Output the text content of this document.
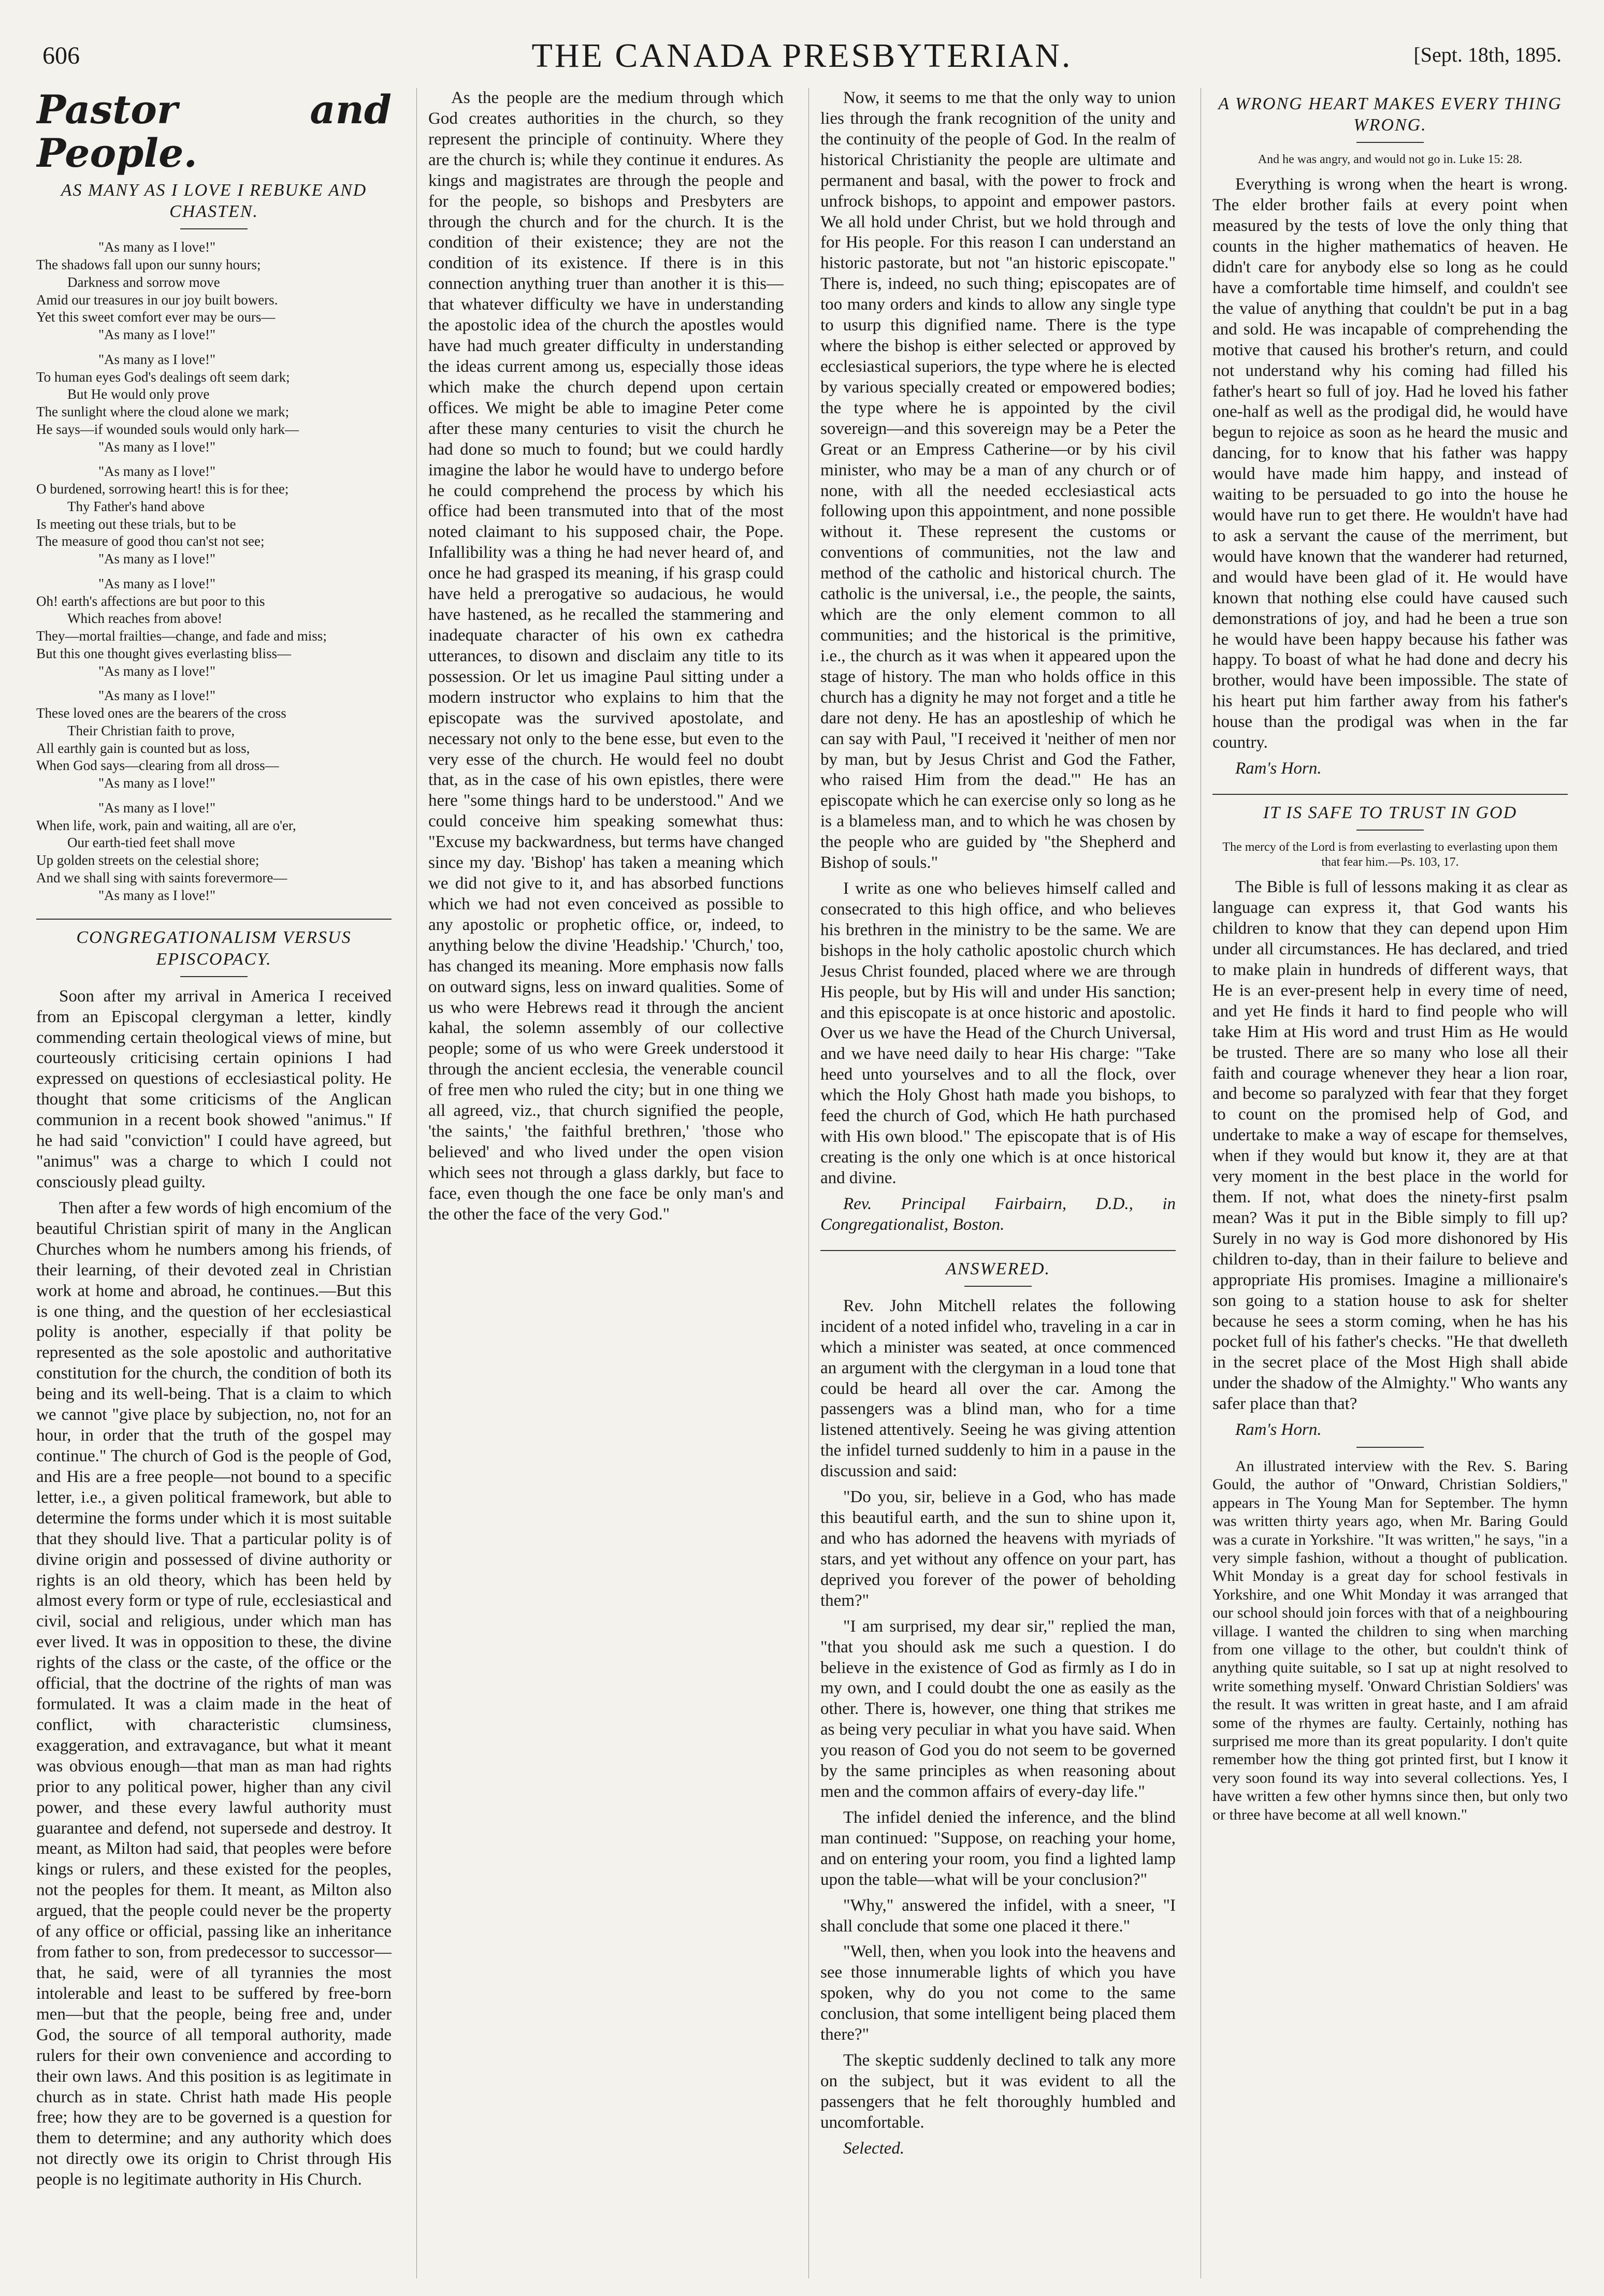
606	THE CANADA PRESBYTERIAN.	[Sept. 18th, 1895.
Pastor and People.
AS MANY AS I LOVE I REBUKE AND CHASTEN.
"As many as I love!"
The shadows fall upon our sunny hours;
Darkness and sorrow move
Amid our treasures in our joy built bowers.
Yet this sweet comfort ever may be ours—
"As many as I love!"
"As many as I love!"
To human eyes God's dealings oft seem dark;
But He would only prove
The sunlight where the cloud alone we mark;
He says—if wounded souls would only hark—
"As many as I love!"
"As many as I love!"
O burdened, sorrowing heart! this is for thee;
Thy Father's hand above
Is meeting out these trials, but to be
The measure of good thou can'st not see;
"As many as I love!"
"As many as I love!"
Oh! earth's affections are but poor to this
Which reaches from above!
They—mortal frailties—change, and fade and miss;
But this one thought gives everlasting bliss—
"As many as I love!"
"As many as I love!"
These loved ones are the bearers of the cross
Their Christian faith to prove,
All earthly gain is counted but as loss,
When God says—clearing from all dross—
"As many as I love!"
"As many as I love!"
When life, work, pain and waiting, all are o'er,
Our earth-tied feet shall move
Up golden streets on the celestial shore;
And we shall sing with saints forevermore—
"As many as I love!"
CONGREGATIONALISM VERSUS EPISCOPACY.

Soon after my arrival in America I received from an Episcopal clergyman a letter, kindly commending certain theological views of mine, but courteously criticising certain opinions I had expressed on questions of ecclesiastical polity. He thought that some criticisms of the Anglican communion in a recent book showed "animus." If he had said "conviction" I could have agreed, but "animus" was a charge to which I could not consciously plead guilty.

Then after a few words of high encomium of the beautiful Christian spirit of many in the Anglican Churches whom he numbers among his friends, of their learning, of their devoted zeal in Christian work at home and abroad, he continues.—But this is one thing, and the question of her ecclesiastical polity is another, especially if that polity be represented as the sole apostolic and authoritative constitution for the church, the condition of both its being and its well-being. That is a claim to which we cannot "give place by subjection, no, not for an hour, in order that the truth of the gospel may continue." The church of God is the people of God, and His are a free people—not bound to a specific letter, i.e., a given political framework, but able to determine the forms under which it is most suitable that they should live. That a particular polity is of divine origin and possessed of divine authority or rights is an old theory, which has been held by almost every form or type of rule, ecclesiastical and civil, social and religious, under which man has ever lived. It was in opposition to these, the divine rights of the class or the caste, of the office or the official, that the doctrine of the rights of man was formulated. It was a claim made in the heat of conflict, with characteristic clumsiness, exaggeration, and extravagance, but what it meant was obvious enough—that man as man had rights prior to any political power, higher than any civil power, and these every lawful authority must guarantee and defend, not supersede and destroy. It meant, as Milton had said, that peoples were before kings or rulers, and these existed for the peoples, not the peoples for them. It meant, as Milton also argued, that the people could never be the property of any office or official, passing like an inheritance from father to son, from predecessor to successor—that, he said, were of all tyrannies the most intolerable and least to be suffered by free-born men—but that the people, being free and, under God, the source of all temporal authority, made rulers for their own convenience and according to their own laws. And this position is as legitimate in church as in state. Christ hath made His people free; how they are to be governed is a question for them to determine; and any authority which does not directly owe its origin to Christ through His people is no legitimate authority in His Church.

As the people are the medium through which God creates authorities in the church, so they represent the principle of continuity. Where they are the church is; while they continue it endures. As kings and magistrates are through the people and for the people, so bishops and Presbyters are through the church and for the church. It is the condition of their existence; they are not the condition of its existence. If there is in this connection anything truer than another it is this—that whatever difficulty we have in understanding the apostolic idea of the church the apostles would have had much greater difficulty in understanding the ideas current among us, especially those ideas which make the church depend upon certain offices. We might be able to imagine Peter come after these many centuries to visit the church he had done so much to found; but we could hardly imagine the labor he would have to undergo before he could comprehend the process by which his office had been transmuted into that of the most noted claimant to his supposed chair, the Pope. Infallibility was a thing he had never heard of, and once he had grasped its meaning, if his grasp could have held a prerogative so audacious, he would have hastened, as he recalled the stammering and inadequate character of his own ex cathedra utterances, to disown and disclaim any title to its possession. Or let us imagine Paul sitting under a modern instructor who explains to him that the episcopate was the survived apostolate, and necessary not only to the bene esse, but even to the very esse of the church. He would feel no doubt that, as in the case of his own epistles, there were here "some things hard to be understood." And we could conceive him speaking somewhat thus: "Excuse my backwardness, but terms have changed since my day. 'Bishop' has taken a meaning which we did not give to it, and has absorbed functions which we had not even conceived as possible to any apostolic or prophetic office, or, indeed, to anything below the divine 'Headship.' 'Church,' too, has changed its meaning. More emphasis now falls on outward signs, less on inward qualities. Some of us who were Hebrews read it through the ancient kahal, the solemn assembly of our collective people; some of us who were Greek understood it through the ancient ecclesia, the venerable council of free men who ruled the city; but in one thing we all agreed, viz., that church signified the people, 'the saints,' 'the faithful brethren,' 'those who believed' and who lived under the open vision which sees not through a glass darkly, but face to face, even though the one face be only man's and the other the face of the very God."

Now, it seems to me that the only way to union lies through the frank recognition of the unity and the continuity of the people of God. In the realm of historical Christianity the people are ultimate and permanent and basal, with the power to frock and unfrock bishops, to appoint and empower pastors. We all hold under Christ, but we hold through and for His people. For this reason I can understand an historic pastorate, but not "an historic episcopate." There is, indeed, no such thing; episcopates are of too many orders and kinds to allow any single type to usurp this dignified name. There is the type where the bishop is either selected or approved by ecclesiastical superiors, the type where he is elected by various specially created or empowered bodies; the type where he is appointed by the civil sovereign—and this sovereign may be a Peter the Great or an Empress Catherine—or by his civil minister, who may be a man of any church or of none, with all the needed ecclesiastical acts following upon this appointment, and none possible without it. These represent the customs or conventions of communities, not the law and method of the catholic and historical church. The catholic is the universal, i.e., the people, the saints, which are the only element common to all communities; and the historical is the primitive, i.e., the church as it was when it appeared upon the stage of history. The man who holds office in this church has a dignity he may not forget and a title he dare not deny. He has an apostleship of which he can say with Paul, "I received it 'neither of men nor by man, but by Jesus Christ and God the Father, who raised Him from the dead.'" He has an episcopate which he can exercise only so long as he is a blameless man, and to which he was chosen by the people who are guided by "the Shepherd and Bishop of souls."

I write as one who believes himself called and consecrated to this high office, and who believes his brethren in the ministry to be the same. We are bishops in the holy catholic apostolic church which Jesus Christ founded, placed where we are through His people, but by His will and under His sanction; and this episcopate is at once historic and apostolic. Over us we have the Head of the Church Universal, and we have need daily to hear His charge: "Take heed unto yourselves and to all the flock, over which the Holy Ghost hath made you bishops, to feed the church of God, which He hath purchased with His own blood." The episcopate that is of His creating is the only one which is at once historical and divine.

Rev. Principal Fairbairn, D.D., in Congregationalist, Boston.

ANSWERED.

Rev. John Mitchell relates the following incident of a noted infidel who, traveling in a car in which a minister was seated, at once commenced an argument with the clergyman in a loud tone that could be heard all over the car. Among the passengers was a blind man, who for a time listened attentively. Seeing he was giving attention the infidel turned suddenly to him in a pause in the discussion and said:

"Do you, sir, believe in a God, who has made this beautiful earth, and the sun to shine upon it, and who has adorned the heavens with myriads of stars, and yet without any offence on your part, has deprived you forever of the power of beholding them?"

"I am surprised, my dear sir," replied the man, "that you should ask me such a question. I do believe in the existence of God as firmly as I do in my own, and I could doubt the one as easily as the other. There is, however, one thing that strikes me as being very peculiar in what you have said. When you reason of God you do not seem to be governed by the same principles as when reasoning about men and the common affairs of every-day life."

The infidel denied the inference, and the blind man continued: "Suppose, on reaching your home, and on entering your room, you find a lighted lamp upon the table—what will be your conclusion?"

"Why," answered the infidel, with a sneer, "I shall conclude that some one placed it there."

"Well, then, when you look into the heavens and see those innumerable lights of which you have spoken, why do you not come to the same conclusion, that some intelligent being placed them there?"

The skeptic suddenly declined to talk any more on the subject, but it was evident to all the passengers that he felt thoroughly humbled and uncomfortable.

Selected.

A WRONG HEART MAKES EVERY THING WRONG.
And he was angry, and would not go in. Luke 15: 28.

Everything is wrong when the heart is wrong. The elder brother fails at every point when measured by the tests of love the only thing that counts in the higher mathematics of heaven. He didn't care for anybody else so long as he could have a comfortable time himself, and couldn't see the value of anything that couldn't be put in a bag and sold. He was incapable of comprehending the motive that caused his brother's return, and could not understand why his coming had filled his father's heart so full of joy. Had he loved his father one-half as well as the prodigal did, he would have begun to rejoice as soon as he heard the music and dancing, for to know that his father was happy would have made him happy, and instead of waiting to be persuaded to go into the house he would have run to get there. He wouldn't have had to ask a servant the cause of the merriment, but would have known that the wanderer had returned, and would have been glad of it. He would have known that nothing else could have caused such demonstrations of joy, and had he been a true son he would have been happy because his father was happy. To boast of what he had done and decry his brother, would have been impossible. The state of his heart put him farther away from his father's house than the prodigal was when in the far country.

Ram's Horn.

IT IS SAFE TO TRUST IN GOD
The mercy of the Lord is from everlasting to everlasting upon them that fear him.—Ps. 103, 17.

The Bible is full of lessons making it as clear as language can express it, that God wants his children to know that they can depend upon Him under all circumstances. He has declared, and tried to make plain in hundreds of different ways, that He is an ever-present help in every time of need, and yet He finds it hard to find people who will take Him at His word and trust Him as He would be trusted. There are so many who lose all their faith and courage whenever they hear a lion roar, and become so paralyzed with fear that they forget to count on the promised help of God, and undertake to make a way of escape for themselves, when if they would but know it, they are at that very moment in the best place in the world for them. If not, what does the ninety-first psalm mean? Was it put in the Bible simply to fill up? Surely in no way is God more dishonored by His children to-day, than in their failure to believe and appropriate His promises. Imagine a millionaire's son going to a station house to ask for shelter because he sees a storm coming, when he has his pocket full of his father's checks. "He that dwelleth in the secret place of the Most High shall abide under the shadow of the Almighty." Who wants any safer place than that?

Ram's Horn.

An illustrated interview with the Rev. S. Baring Gould, the author of "Onward, Christian Soldiers," appears in The Young Man for September. The hymn was written thirty years ago, when Mr. Baring Gould was a curate in Yorkshire. "It was written," he says, "in a very simple fashion, without a thought of publication. Whit Monday is a great day for school festivals in Yorkshire, and one Whit Monday it was arranged that our school should join forces with that of a neighbouring village. I wanted the children to sing when marching from one village to the other, but couldn't think of anything quite suitable, so I sat up at night resolved to write something myself. 'Onward Christian Soldiers' was the result. It was written in great haste, and I am afraid some of the rhymes are faulty. Certainly, nothing has surprised me more than its great popularity. I don't quite remember how the thing got printed first, but I know it very soon found its way into several collections. Yes, I have written a few other hymns since then, but only two or three have become at all well known."
